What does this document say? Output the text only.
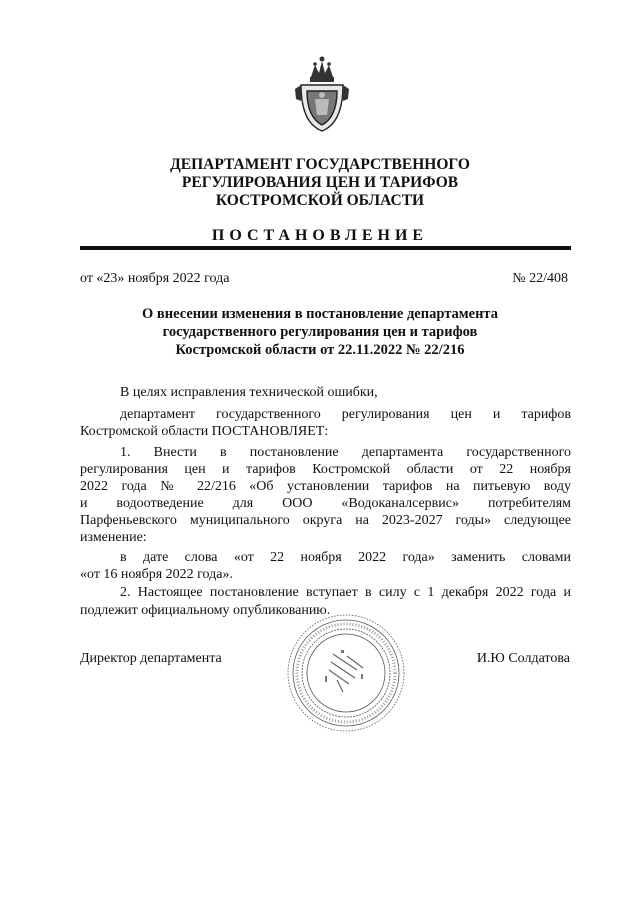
ДЕПАРТАМЕНТ ГОСУДАРСТВЕННОГО
РЕГУЛИРОВАНИЯ ЦЕН И ТАРИФОВ
КОСТРОМСКОЙ ОБЛАСТИ
ПОСТАНОВЛЕНИЕ
от «23» ноября 2022 года	№ 22/408
О внесении изменения в постановление департамента
государственного регулирования цен и тарифов
Костромской области от 22.11.2022 № 22/216
В целях исправления технической ошибки,
департамент государственного регулирования цен и тарифов
Костромской области ПОСТАНОВЛЯЕТ:
1. Внести в постановление департамента государственного
регулирования цен и тарифов Костромской области от 22 ноября
2022 года № 22/216 «Об установлении тарифов на питьевую воду
и водоотведение для ООО «Водоканалсервис» потребителям
Парфеньевского муниципального округа на 2023-2027 годы» следующее
изменение:
в дате слова «от 22 ноября 2022 года» заменить словами
«от 16 ноября 2022 года».
2. Настоящее постановление вступает в силу с 1 декабря 2022 года и
подлежит официальному опубликованию.
Директор департамента	И.Ю Солдатова
